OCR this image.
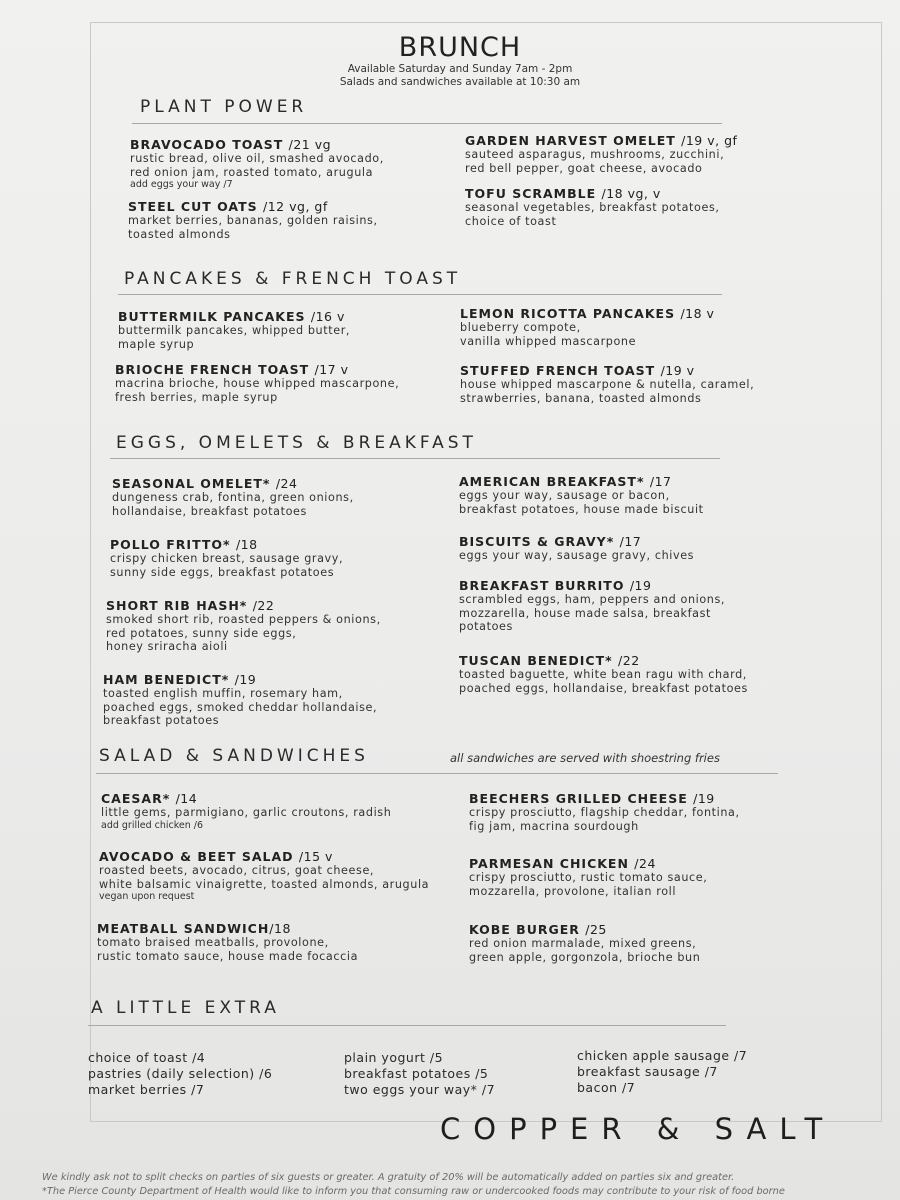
BRUNCH
Available Saturday and Sunday 7am - 2pm
Salads and sandwiches available at 10:30 am
PLANT POWER
BRAVOCADO TOAST /21 vg
rustic bread, olive oil, smashed avocado,
red onion jam, roasted tomato, arugula
add eggs your way /7
STEEL CUT OATS /12 vg, gf
market berries, bananas, golden raisins,
toasted almonds
GARDEN HARVEST OMELET /19 v, gf
sauteed asparagus, mushrooms, zucchini,
red bell pepper, goat cheese, avocado
TOFU SCRAMBLE /18 vg, v
seasonal vegetables, breakfast potatoes,
choice of toast
PANCAKES & FRENCH TOAST
BUTTERMILK PANCAKES /16 v
buttermilk pancakes, whipped butter,
maple syrup
BRIOCHE FRENCH TOAST /17 v
macrina brioche, house whipped mascarpone,
fresh berries, maple syrup
LEMON RICOTTA PANCAKES /18 v
blueberry compote,
vanilla whipped mascarpone
STUFFED FRENCH TOAST /19 v
house whipped mascarpone & nutella, caramel,
strawberries, banana, toasted almonds
EGGS, OMELETS & BREAKFAST
SEASONAL OMELET* /24
dungeness crab, fontina, green onions,
hollandaise, breakfast potatoes
POLLO FRITTO* /18
crispy chicken breast, sausage gravy,
sunny side eggs, breakfast potatoes
SHORT RIB HASH* /22
smoked short rib, roasted peppers & onions,
red potatoes, sunny side eggs,
honey sriracha aioli
HAM BENEDICT* /19
toasted english muffin, rosemary ham,
poached eggs, smoked cheddar hollandaise,
breakfast potatoes
AMERICAN BREAKFAST* /17
eggs your way, sausage or bacon,
breakfast potatoes, house made biscuit
BISCUITS & GRAVY* /17
eggs your way, sausage gravy, chives
BREAKFAST BURRITO /19
scrambled eggs, ham, peppers and onions,
mozzarella, house made salsa, breakfast
potatoes
TUSCAN BENEDICT* /22
toasted baguette, white bean ragu with chard,
poached eggs, hollandaise, breakfast potatoes
SALAD & SANDWICHES	all sandwiches are served with shoestring fries
CAESAR* /14
little gems, parmigiano, garlic croutons, radish
add grilled chicken /6
AVOCADO & BEET SALAD /15 v
roasted beets, avocado, citrus, goat cheese,
white balsamic vinaigrette, toasted almonds, arugula
vegan upon request
MEATBALL SANDWICH/18
tomato braised meatballs, provolone,
rustic tomato sauce, house made focaccia
BEECHERS GRILLED CHEESE /19
crispy prosciutto, flagship cheddar, fontina,
fig jam, macrina sourdough
PARMESAN CHICKEN /24
crispy prosciutto, rustic tomato sauce,
mozzarella, provolone, italian roll
KOBE BURGER /25
red onion marmalade, mixed greens,
green apple, gorgonzola, brioche bun
A LITTLE EXTRA
choice of toast /4
pastries (daily selection) /6
market berries /7
plain yogurt /5
breakfast potatoes /5
two eggs your way* /7
chicken apple sausage /7
breakfast sausage /7
bacon /7
COPPER & SALT
We kindly ask not to split checks on parties of six guests or greater. A gratuity of 20% will be automatically added on parties six and greater.
*The Pierce County Department of Health would like to inform you that consuming raw or undercooked foods may contribute to your risk of food borne
